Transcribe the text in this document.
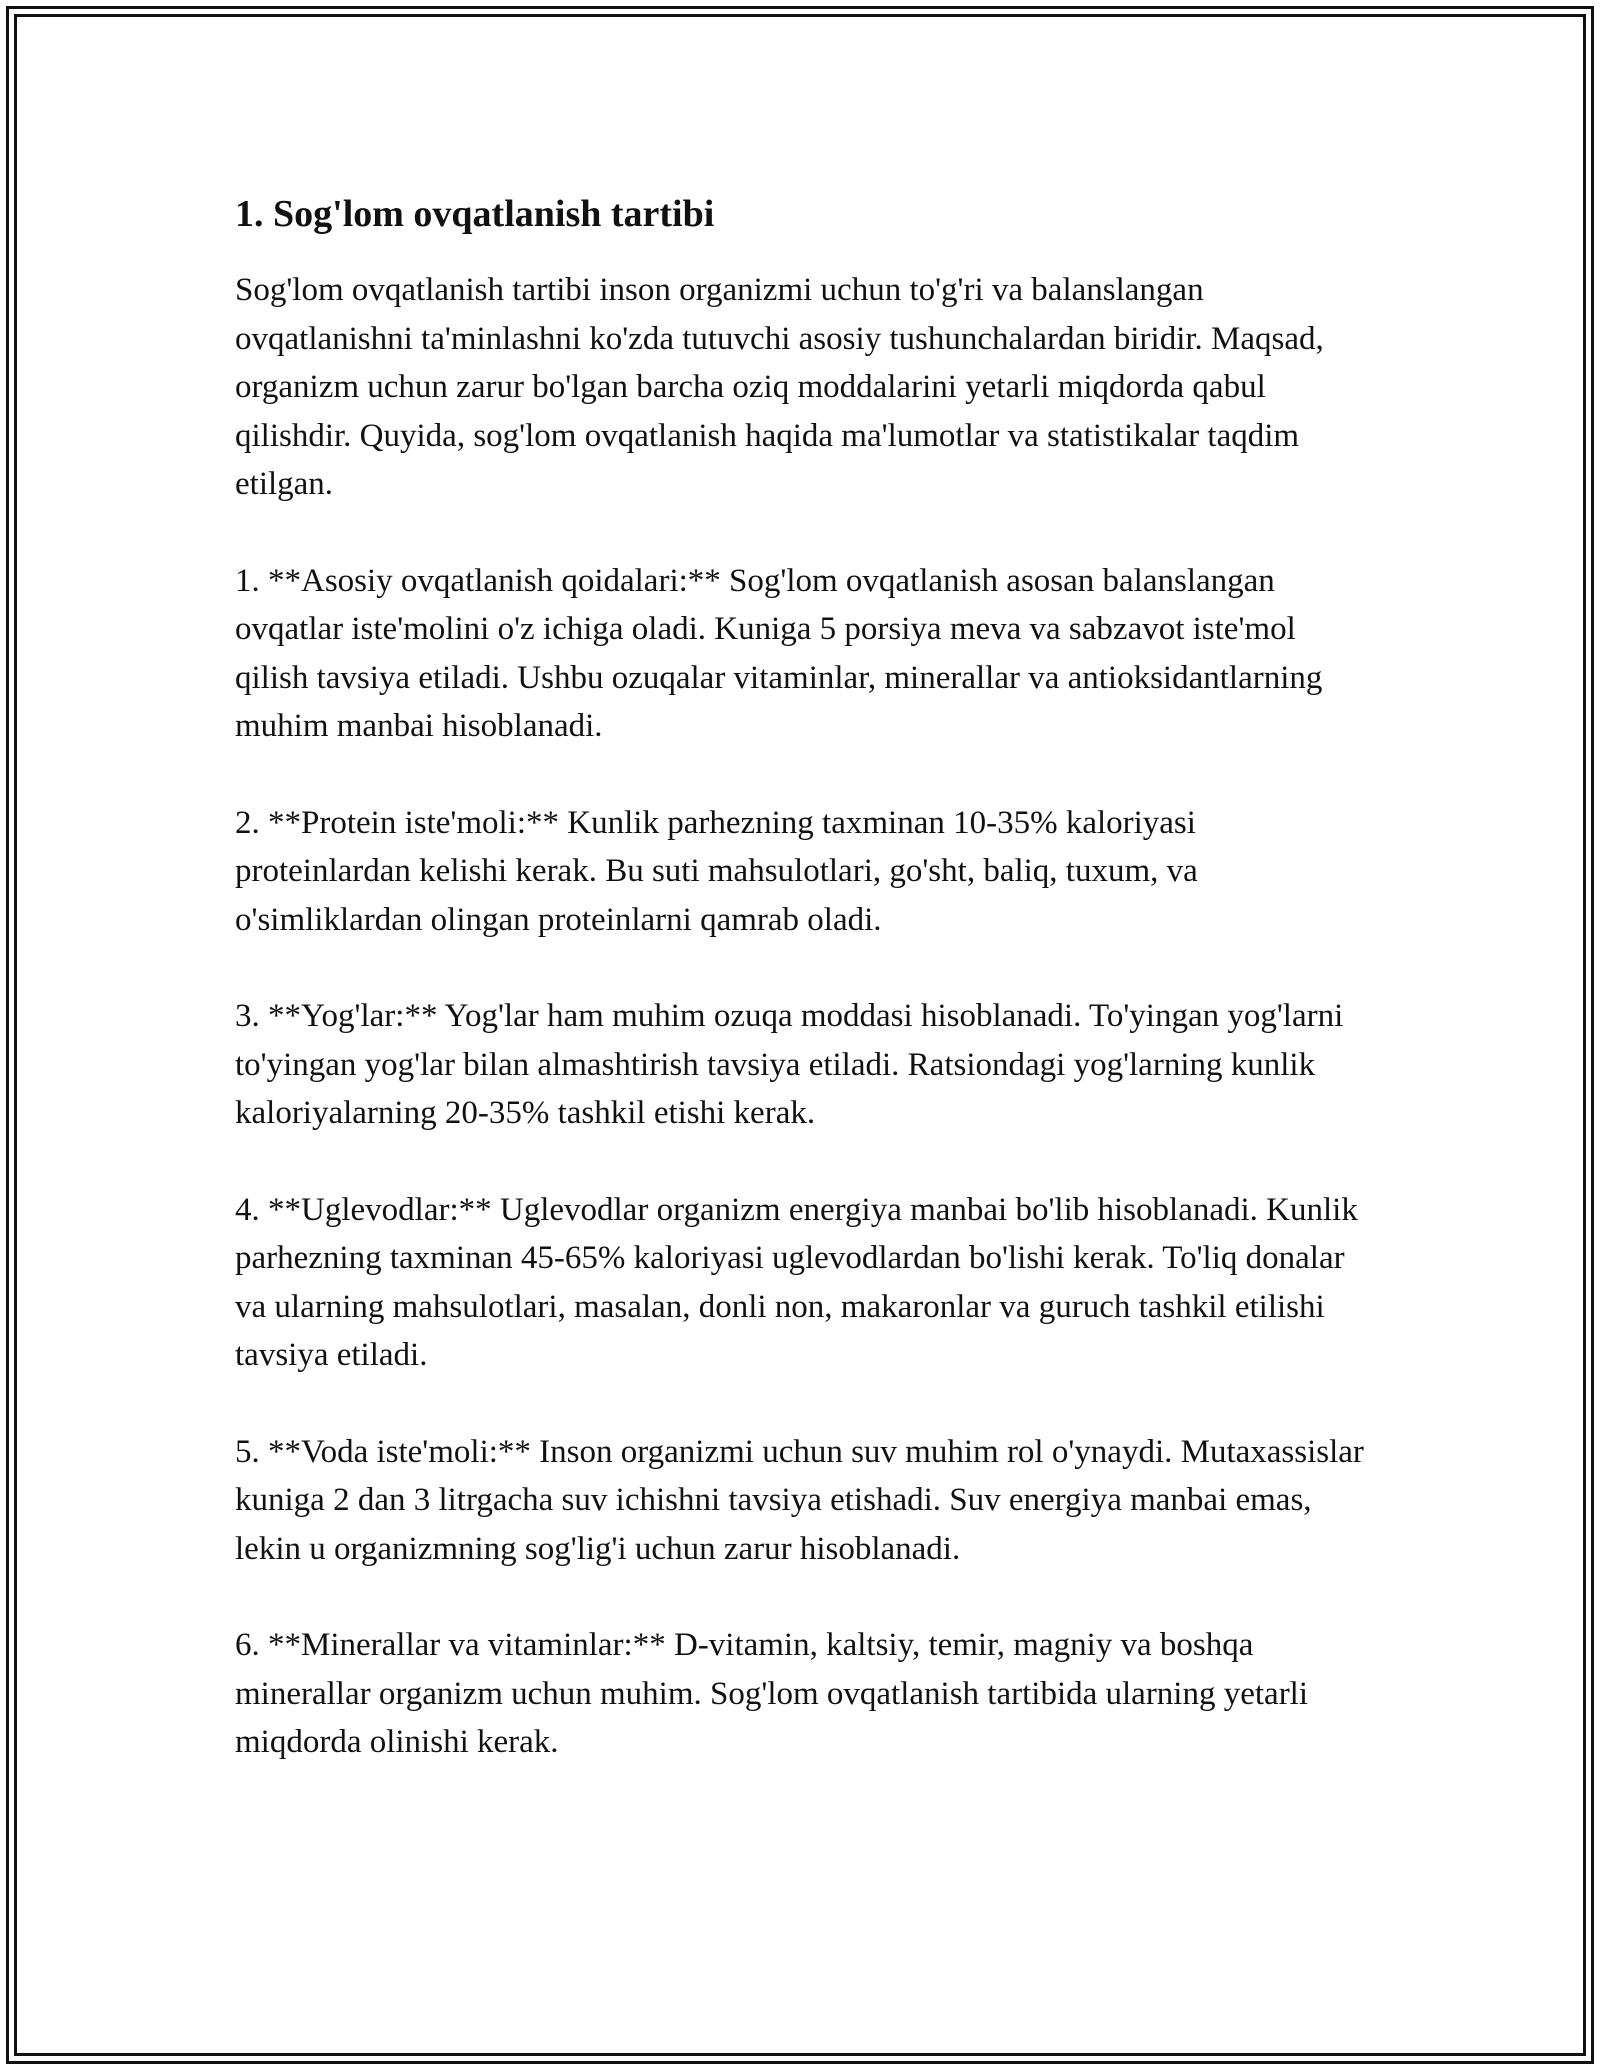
1. Sog'lom ovqatlanish tartibi

Sog'lom ovqatlanish tartibi inson organizmi uchun to'g'ri va balanslangan ovqatlanishni ta'minlashni ko'zda tutuvchi asosiy tushunchalardan biridir. Maqsad, organizm uchun zarur bo'lgan barcha oziq moddalarini yetarli miqdorda qabul qilishdir. Quyida, sog'lom ovqatlanish haqida ma'lumotlar va statistikalar taqdim etilgan.

1. **Asosiy ovqatlanish qoidalari:** Sog'lom ovqatlanish asosan balanslangan ovqatlar iste'molini o'z ichiga oladi. Kuniga 5 porsiya meva va sabzavot iste'mol qilish tavsiya etiladi. Ushbu ozuqalar vitaminlar, minerallar va antioksidantlarning muhim manbai hisoblanadi.

2. **Protein iste'moli:** Kunlik parhezning taxminan 10-35% kaloriyasi proteinlardan kelishi kerak. Bu suti mahsulotlari, go'sht, baliq, tuxum, va o'simliklardan olingan proteinlarni qamrab oladi.

3. **Yog'lar:** Yog'lar ham muhim ozuqa moddasi hisoblanadi. To'yingan yog'larni to'yingan yog'lar bilan almashtirish tavsiya etiladi. Ratsiondagi yog'larning kunlik kaloriyalarning 20-35% tashkil etishi kerak.

4. **Uglevodlar:** Uglevodlar organizm energiya manbai bo'lib hisoblanadi. Kunlik parhezning taxminan 45-65% kaloriyasi uglevodlardan bo'lishi kerak. To'liq donalar va ularning mahsulotlari, masalan, donli non, makaronlar va guruch tashkil etilishi tavsiya etiladi.

5. **Voda iste'moli:** Inson organizmi uchun suv muhim rol o'ynaydi. Mutaxassislar kuniga 2 dan 3 litrgacha suv ichishni tavsiya etishadi. Suv energiya manbai emas, lekin u organizmning sog'lig'i uchun zarur hisoblanadi.

6. **Minerallar va vitaminlar:** D-vitamin, kaltsiy, temir, magniy va boshqa minerallar organizm uchun muhim. Sog'lom ovqatlanish tartibida ularning yetarli miqdorda olinishi kerak.
